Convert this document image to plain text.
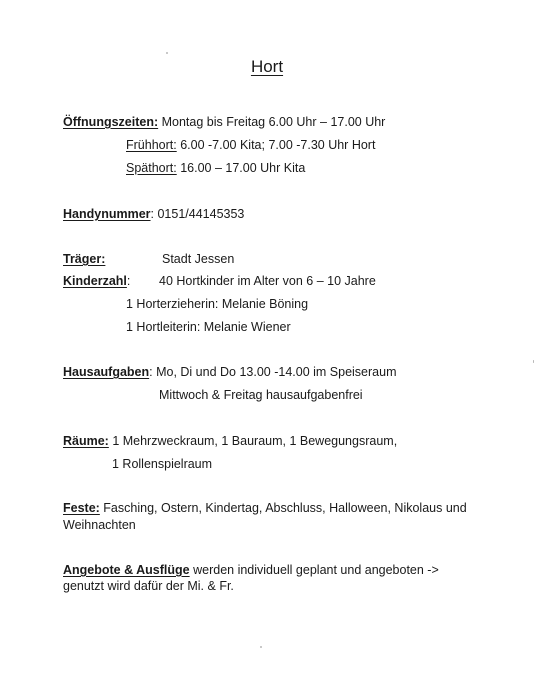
Hort
Öffnungszeiten: Montag bis Freitag 6.00 Uhr – 17.00 Uhr
Frühhort: 6.00 -7.00 Kita; 7.00 -7.30 Uhr Hort
Späthort: 16.00 – 17.00 Uhr Kita
Handynummer: 0151/44145353
Träger:	Stadt Jessen
Kinderzahl: 40 Hortkinder im Alter von 6 – 10 Jahre
1 Horterzieherin: Melanie Böning
1 Hortleiterin: Melanie Wiener
Hausaufgaben: Mo, Di und Do 13.00 -14.00 im Speiseraum
Mittwoch & Freitag hausaufgabenfrei
Räume: 1 Mehrzweckraum, 1 Bauraum, 1 Bewegungsraum,
1 Rollenspielraum
Feste: Fasching, Ostern, Kindertag, Abschluss, Halloween, Nikolaus und Weihnachten
Angebote & Ausflüge werden individuell geplant und angeboten ->
genutzt wird dafür der Mi. & Fr.
